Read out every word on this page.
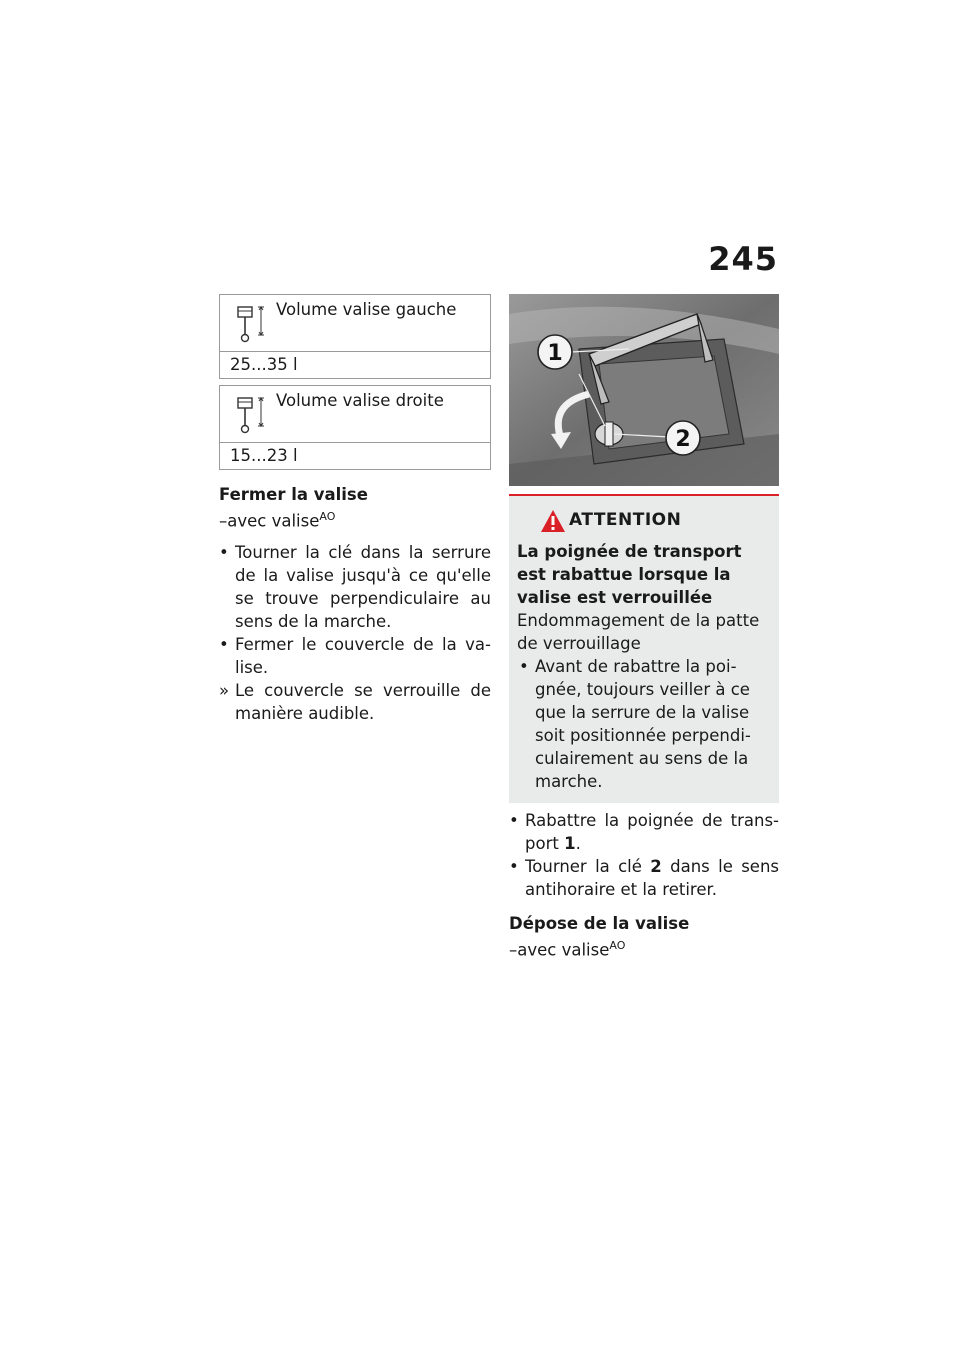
245
Volume valise gauche
25...35 l
Volume valise droite
15...23 l
Fermer la valise
–avec valise$^{AO}$
• Tourner la clé dans la serrure de la valise jusqu'à ce qu'elle se trouve perpendiculaire au sens de la marche.
• Fermer le couvercle de la va-lise.
» Le couvercle se verrouille de manière audible.
1
2
ATTENTION
La poignée de transport est rabattue lorsque la valise est verrouillée
Endommagement de la patte de verrouillage
• Avant de rabattre la poi-gnée, toujours veiller à ce que la serrure de la valise soit positionnée perpendi-culairement au sens de la marche.
• Rabattre la poignée de trans-port 1.
• Tourner la clé 2 dans le sens antihoraire et la retirer.
Dépose de la valise
–avec valise$^{AO}$
